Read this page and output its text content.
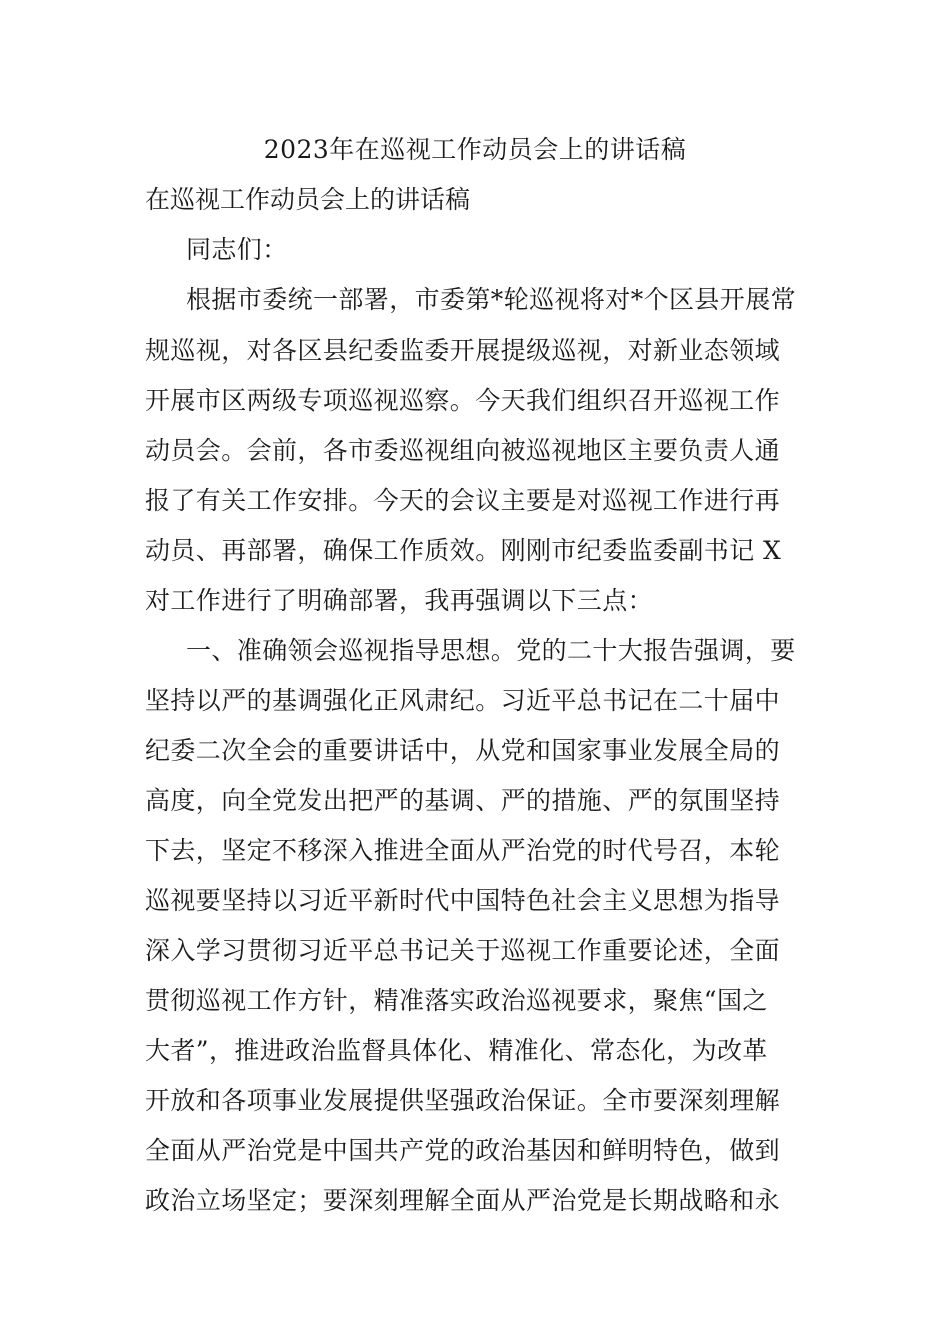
2023年在巡视工作动员会上的讲话稿
在巡视工作动员会上的讲话稿
同志们：
根据市委统一部署，市委第*轮巡视将对*个区县开展常
规巡视，对各区县纪委监委开展提级巡视，对新业态领域
开展市区两级专项巡视巡察。今天我们组织召开巡视工作
动员会。会前，各市委巡视组向被巡视地区主要负责人通
报了有关工作安排。今天的会议主要是对巡视工作进行再
动员、再部署，确保工作质效。刚刚市纪委监委副书记 X
对工作进行了明确部署，我再强调以下三点：
一、准确领会巡视指导思想。党的二十大报告强调，要
坚持以严的基调强化正风肃纪。习近平总书记在二十届中
纪委二次全会的重要讲话中，从党和国家事业发展全局的
高度，向全党发出把严的基调、严的措施、严的氛围坚持
下去，坚定不移深入推进全面从严治党的时代号召，本轮
巡视要坚持以习近平新时代中国特色社会主义思想为指导
深入学习贯彻习近平总书记关于巡视工作重要论述，全面
贯彻巡视工作方针，精准落实政治巡视要求，聚焦“国之
大者”，推进政治监督具体化、精准化、常态化，为改革
开放和各项事业发展提供坚强政治保证。全市要深刻理解
全面从严治党是中国共产党的政治基因和鲜明特色，做到
政治立场坚定；要深刻理解全面从严治党是长期战略和永
